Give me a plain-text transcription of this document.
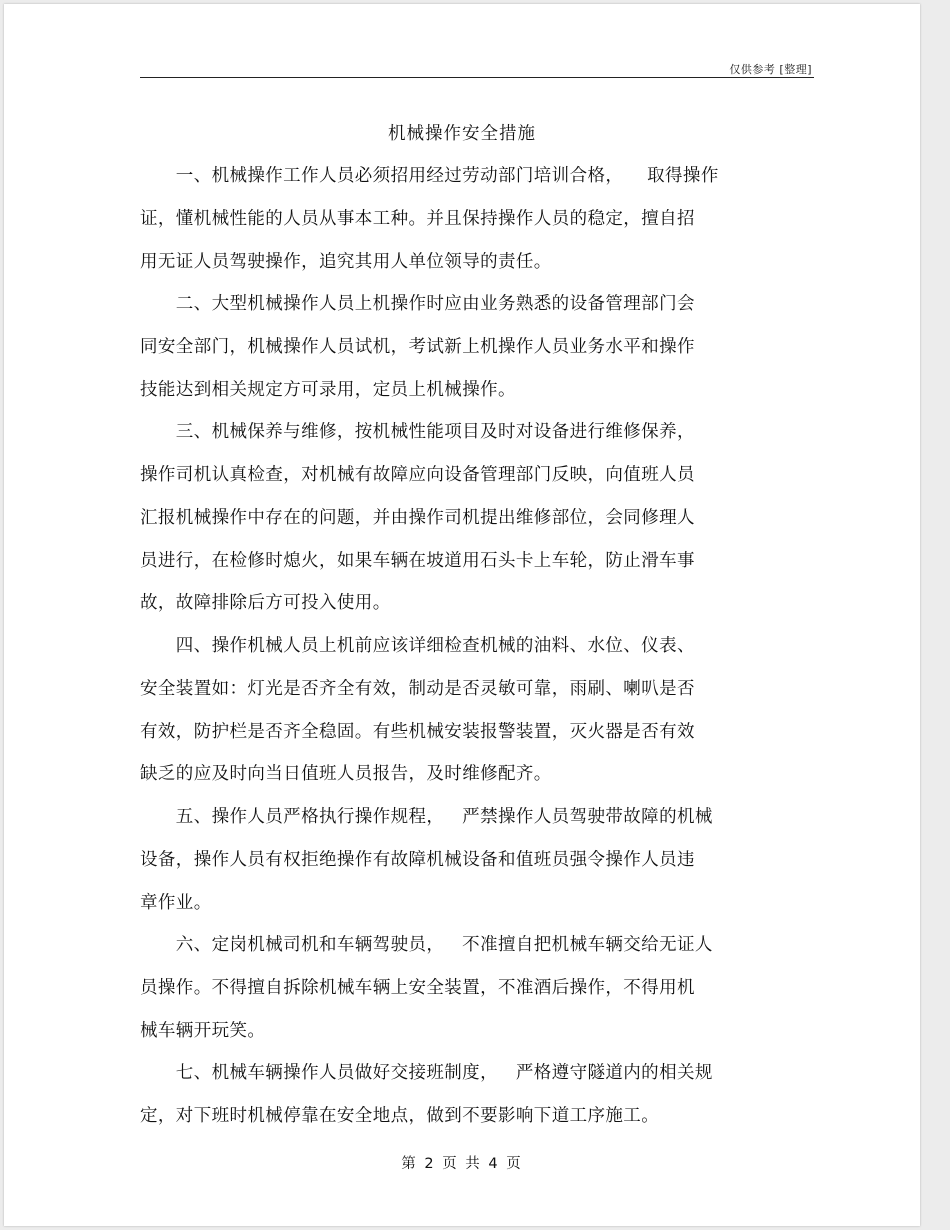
仅供参考 [整理]
机械操作安全措施
一、机械操作工作人员必须招用经过劳动部门培训合格，    取得操作
证，懂机械性能的人员从事本工种。并且保持操作人员的稳定，擅自招
用无证人员驾驶操作，追究其用人单位领导的责任。
二、大型机械操作人员上机操作时应由业务熟悉的设备管理部门会
同安全部门，机械操作人员试机，考试新上机操作人员业务水平和操作
技能达到相关规定方可录用，定员上机械操作。
三、机械保养与维修，按机械性能项目及时对设备进行维修保养，
操作司机认真检查，对机械有故障应向设备管理部门反映，向值班人员
汇报机械操作中存在的问题，并由操作司机提出维修部位，会同修理人
员进行，在检修时熄火，如果车辆在坡道用石头卡上车轮，防止滑车事
故，故障排除后方可投入使用。
四、操作机械人员上机前应该详细检查机械的油料、水位、仪表、
安全装置如：灯光是否齐全有效，制动是否灵敏可靠，雨刷、喇叭是否
有效，防护栏是否齐全稳固。有些机械安装报警装置，灭火器是否有效
缺乏的应及时向当日值班人员报告，及时维修配齐。
五、操作人员严格执行操作规程，   严禁操作人员驾驶带故障的机械
设备，操作人员有权拒绝操作有故障机械设备和值班员强令操作人员违
章作业。
六、定岗机械司机和车辆驾驶员，   不准擅自把机械车辆交给无证人
员操作。不得擅自拆除机械车辆上安全装置，不准酒后操作，不得用机
械车辆开玩笑。
七、机械车辆操作人员做好交接班制度，   严格遵守隧道内的相关规
定，对下班时机械停靠在安全地点，做到不要影响下道工序施工。
第 2 页 共 4 页
